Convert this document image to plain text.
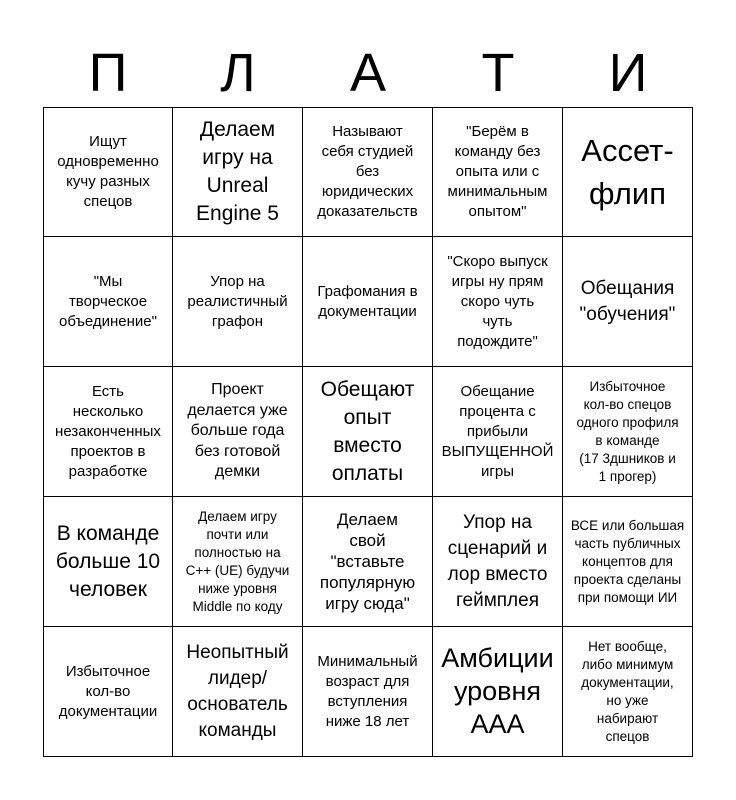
П	Л	А	Т	И
Ищут
одновременно
кучу разных
спецов
Делаем
игру на
Unreal
Engine 5
Называют
себя студией
без
юридических
доказательств
"Берём в
команду без
опыта или с
минимальным
опытом"
Ассет-
флип
"Мы
творческое
объединение"
Упор на
реалистичный
графон
Графомания в
документации
"Скоро выпуск
игры ну прям
скоро чуть
чуть
подождите"
Обещания
"обучения"
Есть
несколько
незаконченных
проектов в
разработке
Проект
делается уже
больше года
без готовой
демки
Обещают
опыт
вместо
оплаты
Обещание
процента с
прибыли
ВЫПУЩЕННОЙ
игры
Избыточное
кол-во спецов
одного профиля
в команде
(17 3дшников и
1 прогер)
В команде
больше 10
человек
Делаем игру
почти или
полностью на
C++ (UE) будучи
ниже уровня
Middle по коду
Делаем
свой
"вставьте
популярную
игру сюда"
Упор на
сценарий и
лор вместо
геймплея
ВСЕ или большая
часть публичных
концептов для
проекта сделаны
при помощи ИИ
Избыточное
кол-во
документации
Неопытный
лидер/
основатель
команды
Минимальный
возраст для
вступления
ниже 18 лет
Амбиции
уровня
ААА
Нет вообще,
либо минимум
документации,
но уже
набирают
спецов
